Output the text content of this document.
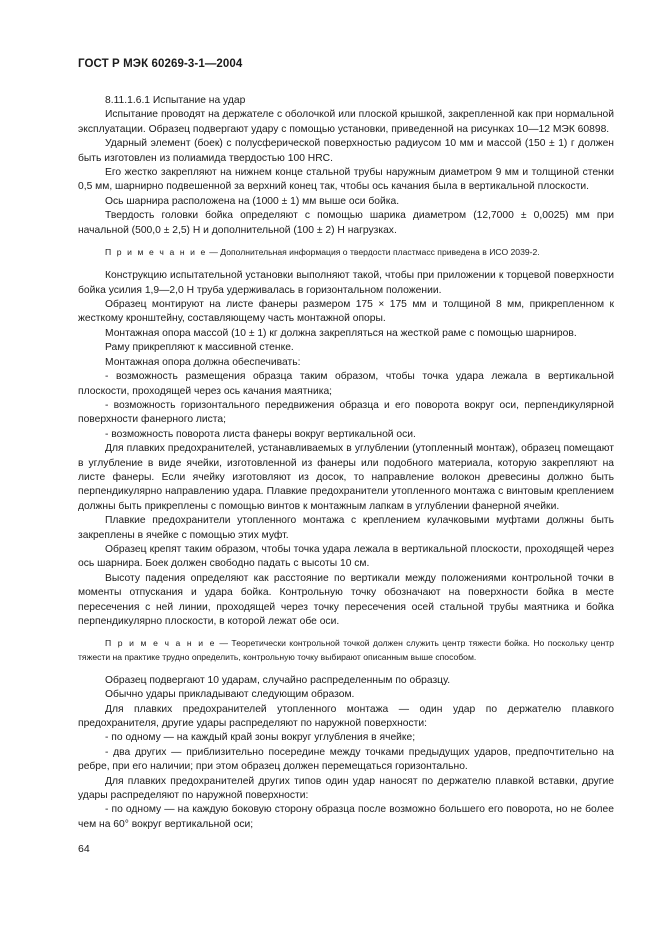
ГОСТ Р МЭК 60269-3-1—2004

8.11.1.6.1 Испытание на удар

Испытание проводят на держателе с оболочкой или плоской крышкой, закрепленной как при нормальной эксплуатации. Образец подвергают удару с помощью установки, приведенной на рисунках 10—12 МЭК 60898.

Ударный элемент (боек) с полусферической поверхностью радиусом 10 мм и массой (150 ± 1) г должен быть изготовлен из полиамида твердостью 100 HRC.

Его жестко закрепляют на нижнем конце стальной трубы наружным диаметром 9 мм и толщиной стенки 0,5 мм, шарнирно подвешенной за верхний конец так, чтобы ось качания была в вертикальной плоскости.

Ось шарнира расположена на (1000 ± 1) мм выше оси бойка.

Твердость головки бойка определяют с помощью шарика диаметром (12,7000 ± 0,0025) мм при начальной (500,0 ± 2,5) Н и дополнительной (100 ± 2) Н нагрузках.

П р и м е ч а н и е — Дополнительная информация о твердости пластмасс приведена в ИСО 2039-2.

Конструкцию испытательной установки выполняют такой, чтобы при приложении к торцевой поверхности бойка усилия 1,9—2,0 Н труба удерживалась в горизонтальном положении.

Образец монтируют на листе фанеры размером 175 × 175 мм и толщиной 8 мм, прикрепленном к жесткому кронштейну, составляющему часть монтажной опоры.

Монтажная опора массой (10 ± 1) кг должна закрепляться на жесткой раме с помощью шарниров.

Раму прикрепляют к массивной стенке.

Монтажная опора должна обеспечивать:

- возможность размещения образца таким образом, чтобы точка удара лежала в вертикальной плоскости, проходящей через ось качания маятника;

- возможность горизонтального передвижения образца и его поворота вокруг оси, перпендикулярной поверхности фанерного листа;

- возможность поворота листа фанеры вокруг вертикальной оси.

Для плавких предохранителей, устанавливаемых в углублении (утопленный монтаж), образец помещают в углубление в виде ячейки, изготовленной из фанеры или подобного материала, которую закрепляют на листе фанеры. Если ячейку изготовляют из досок, то направление волокон древесины должно быть перпендикулярно направлению удара. Плавкие предохранители утопленного монтажа с винтовым креплением должны быть прикреплены с помощью винтов к монтажным лапкам в углублении фанерной ячейки.

Плавкие предохранители утопленного монтажа с креплением кулачковыми муфтами должны быть закреплены в ячейке с помощью этих муфт.

Образец крепят таким образом, чтобы точка удара лежала в вертикальной плоскости, проходящей через ось шарнира. Боек должен свободно падать с высоты 10 см.

Высоту падения определяют как расстояние по вертикали между положениями контрольной точки в моменты отпускания и удара бойка. Контрольную точку обозначают на поверхности бойка в месте пересечения с ней линии, проходящей через точку пересечения осей стальной трубы маятника и бойка перпендикулярно плоскости, в которой лежат обе оси.

П р и м е ч а н и е — Теоретически контрольной точкой должен служить центр тяжести бойка. Но поскольку центр тяжести на практике трудно определить, контрольную точку выбирают описанным выше способом.

Образец подвергают 10 ударам, случайно распределенным по образцу.

Обычно удары прикладывают следующим образом.

Для плавких предохранителей утопленного монтажа — один удар по держателю плавкого предохранителя, другие удары распределяют по наружной поверхности:

- по одному — на каждый край зоны вокруг углубления в ячейке;

- два других — приблизительно посередине между точками предыдущих ударов, предпочтительно на ребре, при его наличии; при этом образец должен перемещаться горизонтально.

Для плавких предохранителей других типов один удар наносят по держателю плавкой вставки, другие удары распределяют по наружной поверхности:

- по одному — на каждую боковую сторону образца после возможно большего его поворота, но не более чем на 60° вокруг вертикальной оси;

64
